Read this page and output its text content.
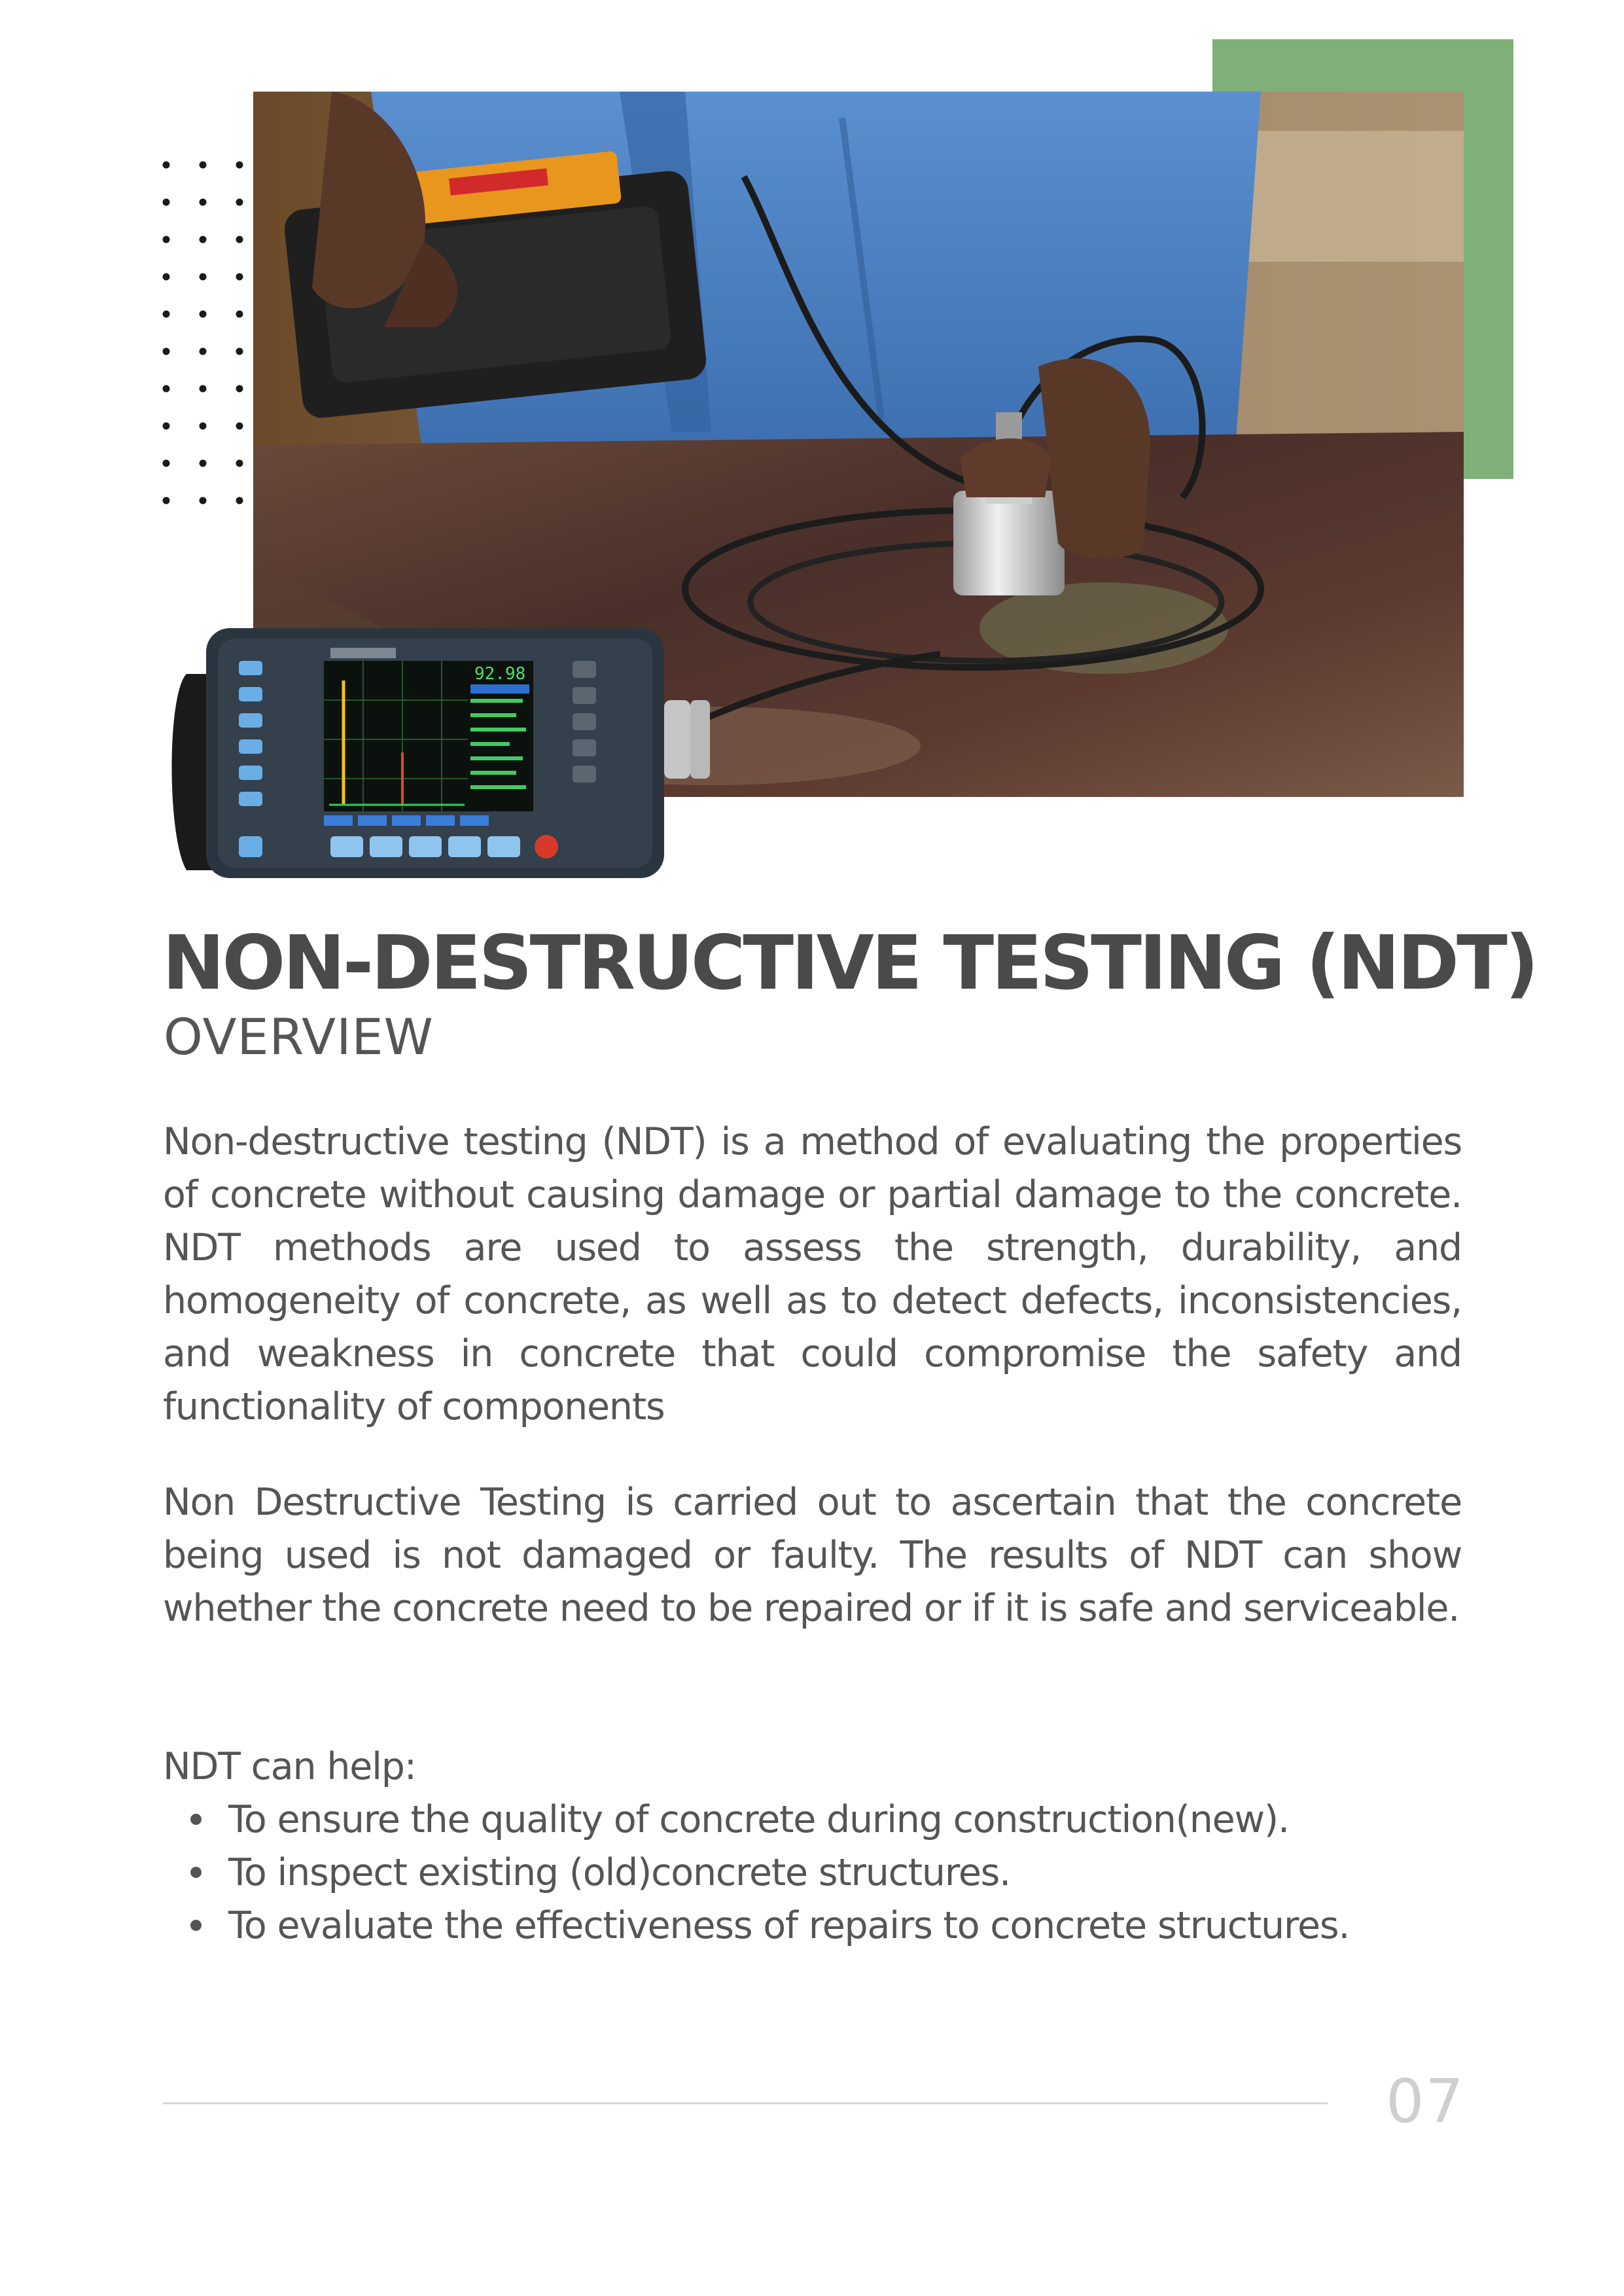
92.98
NON-DESTRUCTIVE TESTING (NDT)
OVERVIEW

Non-destructive testing (NDT) is a method of evaluating the properties of concrete without causing damage or partial damage to the concrete. NDT methods are used to assess the strength, durability, and homogeneity of concrete, as well as to detect defects, inconsistencies, and weakness in concrete that could compromise the safety and functionality of components

Non Destructive Testing is carried out to ascertain that the concrete being used is not damaged or faulty. The results of NDT can show whether the concrete need to be repaired or if it is safe and serviceable.

NDT can help:

To ensure the quality of concrete during construction(new).
To inspect existing (old)concrete structures.
To evaluate the effectiveness of repairs to concrete structures.
07
